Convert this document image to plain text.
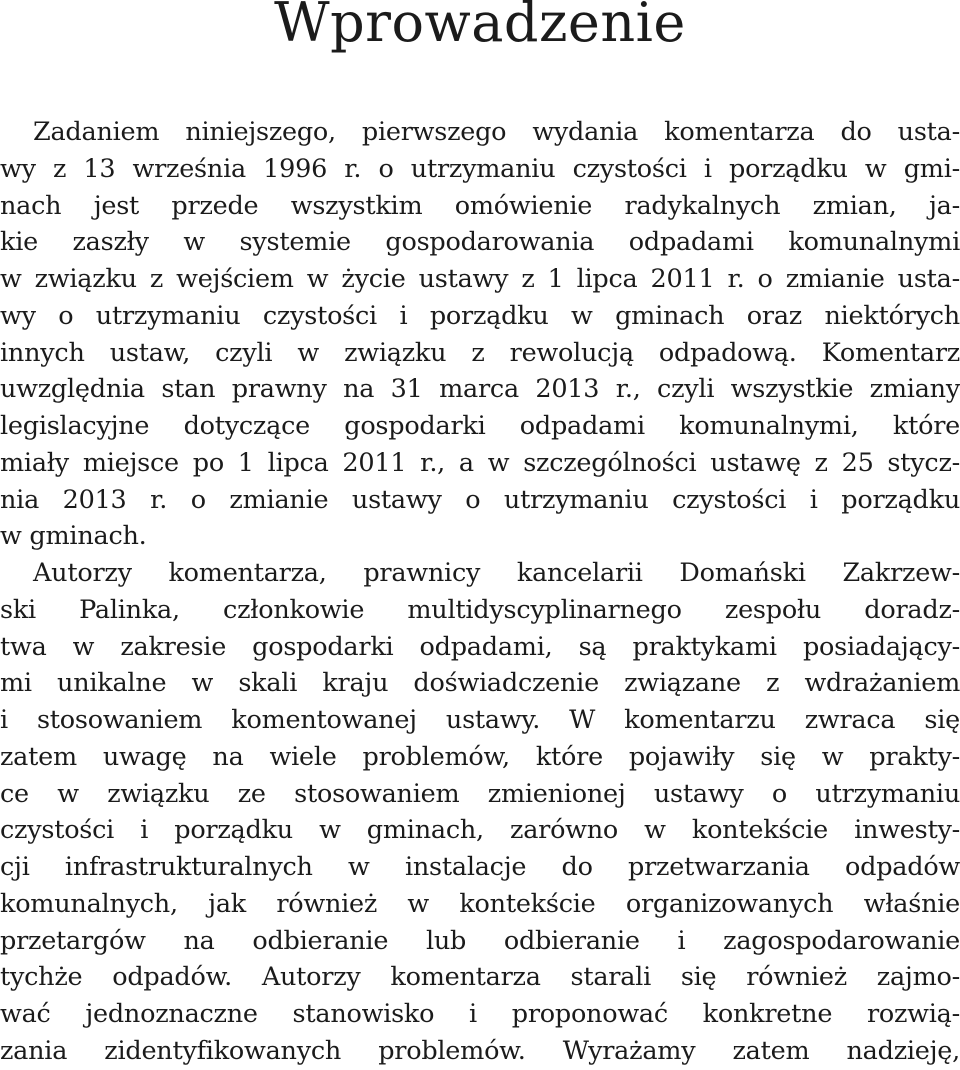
Wprowadzenie
Zadaniem niniejszego, pierwszego wydania komentarza do usta-
wy z 13 września 1996 r. o utrzymaniu czystości i porządku w gmi-
nach jest przede wszystkim omówienie radykalnych zmian, ja-
kie zaszły w systemie gospodarowania odpadami komunalnymi
w związku z wejściem w życie ustawy z 1 lipca 2011 r. o zmianie usta-
wy o utrzymaniu czystości i porządku w gminach oraz niektórych
innych ustaw, czyli w związku z rewolucją odpadową. Komentarz
uwzględnia stan prawny na 31 marca 2013 r., czyli wszystkie zmiany
legislacyjne dotyczące gospodarki odpadami komunalnymi, które
miały miejsce po 1 lipca 2011 r., a w szczególności ustawę z 25 stycz-
nia 2013 r. o zmianie ustawy o utrzymaniu czystości i porządku
w gminach.
Autorzy komentarza, prawnicy kancelarii Domański Zakrzew-
ski Palinka, członkowie multidyscyplinarnego zespołu doradz-
twa w zakresie gospodarki odpadami, są praktykami posiadający-
mi unikalne w skali kraju doświadczenie związane z wdrażaniem
i stosowaniem komentowanej ustawy. W komentarzu zwraca się
zatem uwagę na wiele problemów, które pojawiły się w prakty-
ce w związku ze stosowaniem zmienionej ustawy o utrzymaniu
czystości i porządku w gminach, zarówno w kontekście inwesty-
cji infrastrukturalnych w instalacje do przetwarzania odpadów
komunalnych, jak również w kontekście organizowanych właśnie
przetargów na odbieranie lub odbieranie i zagospodarowanie
tychże odpadów. Autorzy komentarza starali się również zajmo-
wać jednoznaczne stanowisko i proponować konkretne rozwią-
zania zidentyfikowanych problemów. Wyrażamy zatem nadzieję,
